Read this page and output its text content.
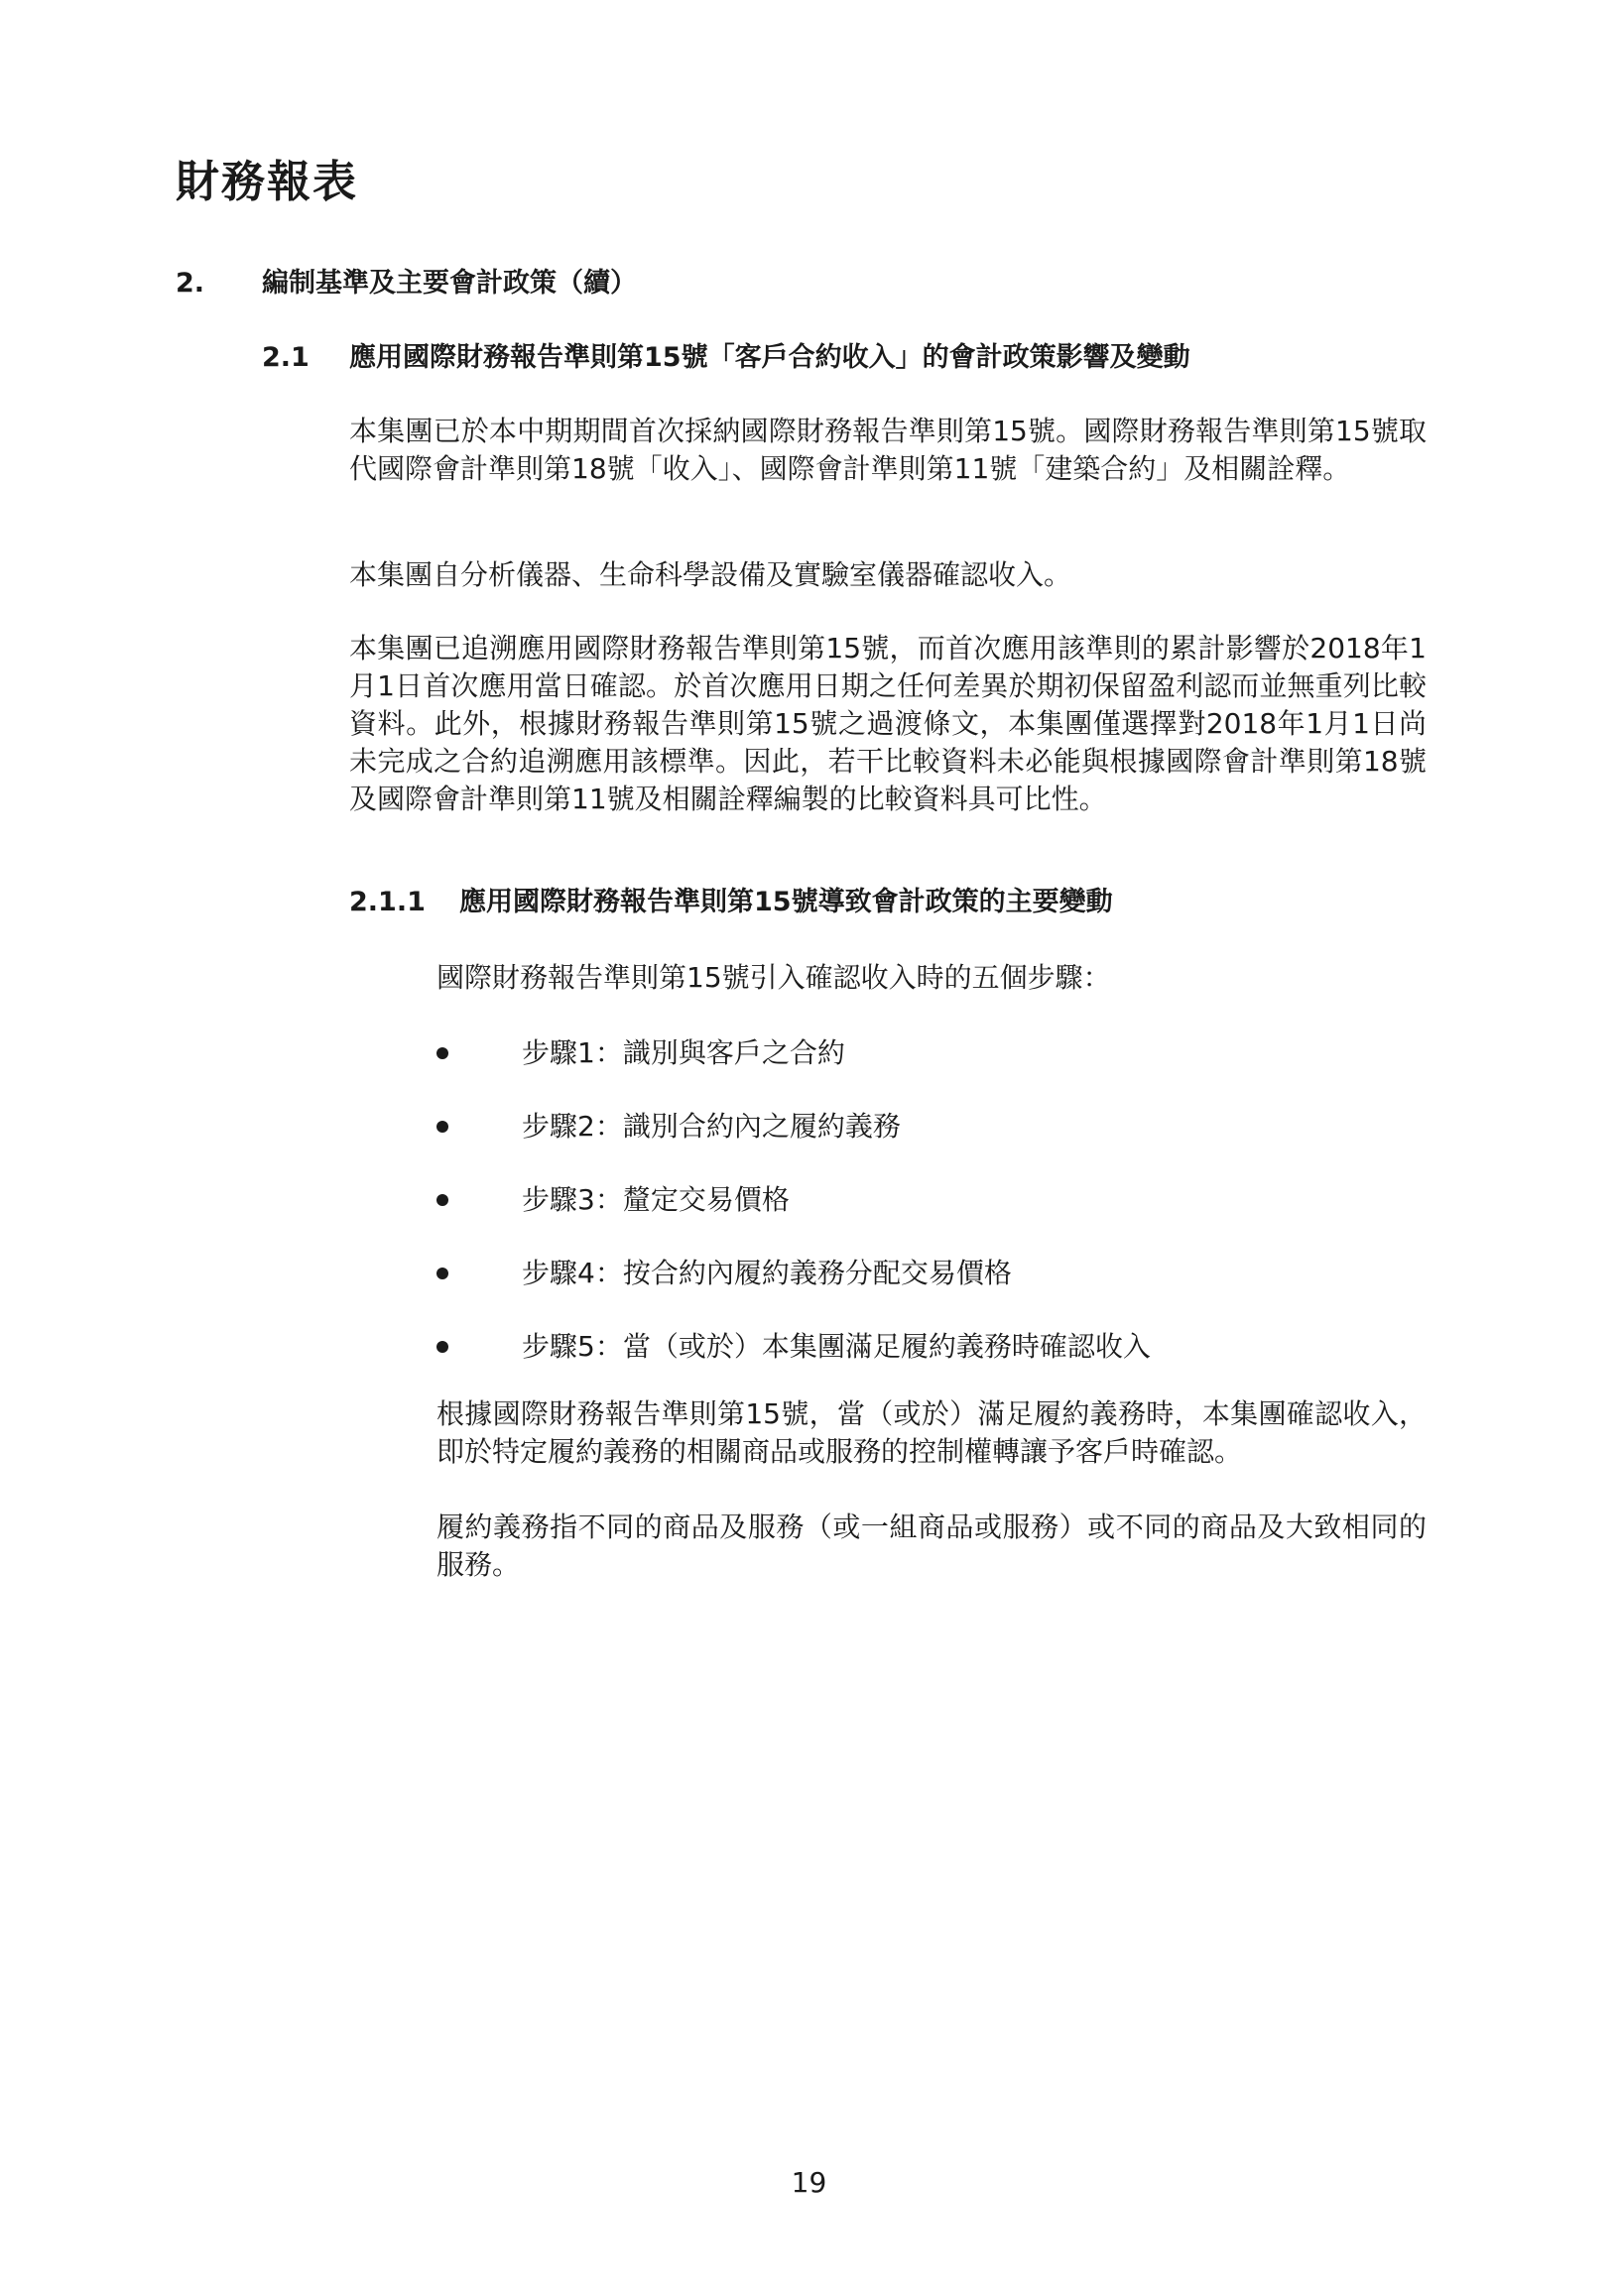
財務報表
2. 編制基準及主要會計政策（續）
2.1 應用國際財務報告準則第15號「客戶合約收入」的會計政策影響及變動

本集團已於本中期期間首次採納國際財務報告準則第15號。國際財務報告準則第15號取代國際會計準則第18號「收入」、國際會計準則第11號「建築合約」及相關詮釋。

本集團自分析儀器、生命科學設備及實驗室儀器確認收入。

本集團已追溯應用國際財務報告準則第15號，而首次應用該準則的累計影響於2018年1月1日首次應用當日確認。於首次應用日期之任何差異於期初保留盈利認而並無重列比較資料。此外，根據財務報告準則第15號之過渡條文，本集團僅選擇對2018年1月1日尚未完成之合約追溯應用該標準。因此，若干比較資料未必能與根據國際會計準則第18號及國際會計準則第11號及相關詮釋編製的比較資料具可比性。

2.1.1 應用國際財務報告準則第15號導致會計政策的主要變動

國際財務報告準則第15號引入確認收入時的五個步驟：

步驟1：識別與客戶之合約
步驟2：識別合約內之履約義務
步驟3：釐定交易價格
步驟4：按合約內履約義務分配交易價格
步驟5：當（或於）本集團滿足履約義務時確認收入

根據國際財務報告準則第15號，當（或於）滿足履約義務時，本集團確認收入，即於特定履約義務的相關商品或服務的控制權轉讓予客戶時確認。

履約義務指不同的商品及服務（或一組商品或服務）或不同的商品及大致相同的服務。

19
